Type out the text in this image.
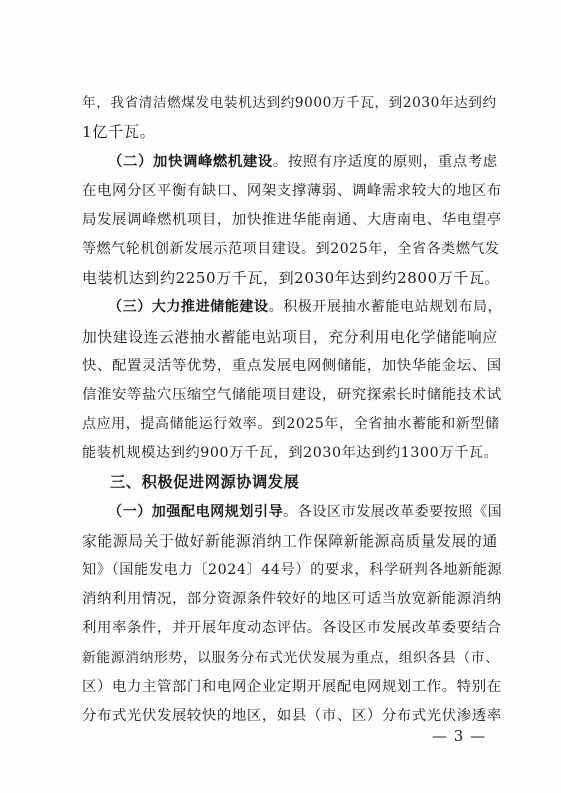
年，我省清洁燃煤发电装机达到约9000万千瓦，到2030年达到约
1亿千瓦。
（二）加快调峰燃机建设。按照有序适度的原则，重点考虑
在电网分区平衡有缺口、网架支撑薄弱、调峰需求较大的地区布
局发展调峰燃机项目，加快推进华能南通、大唐南电、华电望亭
等燃气轮机创新发展示范项目建设。到2025年，全省各类燃气发
电装机达到约2250万千瓦，到2030年达到约2800万千瓦。
（三）大力推进储能建设。积极开展抽水蓄能电站规划布局，
加快建设连云港抽水蓄能电站项目，充分利用电化学储能响应
快、配置灵活等优势，重点发展电网侧储能，加快华能金坛、国
信淮安等盐穴压缩空气储能项目建设，研究探索长时储能技术试
点应用，提高储能运行效率。到2025年，全省抽水蓄能和新型储
能装机规模达到约900万千瓦，到2030年达到约1300万千瓦。
三、积极促进网源协调发展
（一）加强配电网规划引导。各设区市发展改革委要按照《国
家能源局关于做好新能源消纳工作保障新能源高质量发展的通
知》（国能发电力〔2024〕44号）的要求，科学研判各地新能源
消纳利用情况，部分资源条件较好的地区可适当放宽新能源消纳
利用率条件，并开展年度动态评估。各设区市发展改革委要结合
新能源消纳形势，以服务分布式光伏发展为重点，组织各县（市、
区）电力主管部门和电网企业定期开展配电网规划工作。特别在
分布式光伏发展较快的地区，如县（市、区）分布式光伏渗透率
— 3 —
